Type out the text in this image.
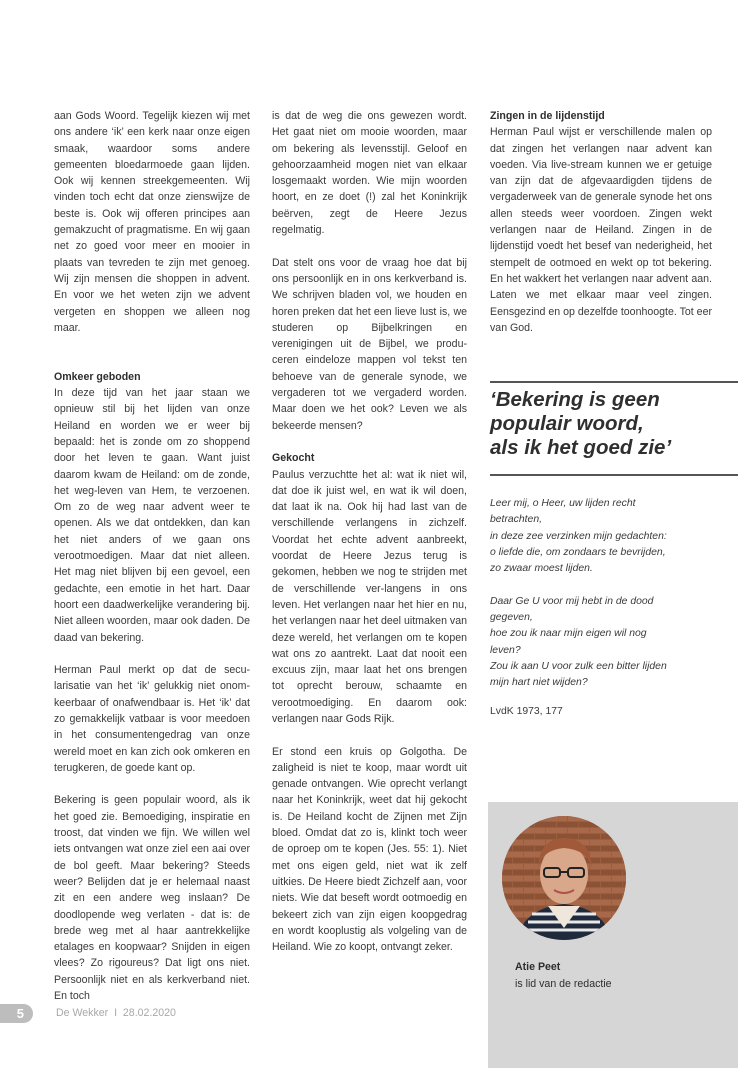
aan Gods Woord. Tegelijk kiezen wij met ons andere ‘ik’ een kerk naar onze eigen smaak, waardoor soms andere gemeenten bloedarmoede gaan lijden. Ook wij kennen streekgemeenten. Wij vinden toch echt dat onze zienswijze de beste is. Ook wij offeren principes aan gemakzucht of pragmatisme. En wij gaan net zo goed voor meer en mooier in plaats van tevreden te zijn met genoeg. Wij zijn mensen die shoppen in advent. En voor we het weten zijn we advent vergeten en shoppen we alleen nog maar.

Omkeer geboden

In deze tijd van het jaar staan we opnieuw stil bij het lijden van onze Heiland en worden we er weer bij bepaald: het is zonde om zo shoppend door het leven te gaan. Want juist daarom kwam de Heiland: om de zonde, het weg-leven van Hem, te verzoenen. Om zo de weg naar advent weer te openen. Als we dat ontdekken, dan kan het niet anders of we gaan ons verootmoedigen. Maar dat niet alleen. Het mag niet blijven bij een gevoel, een gedachte, een emotie in het hart. Daar hoort een daadwerkelijke verandering bij. Niet alleen woorden, maar ook daden. De daad van bekering.

Herman Paul merkt op dat de secu-larisatie van het ‘ik’ gelukkig niet onom-keerbaar of onafwendbaar is. Het ‘ik’ dat zo gemakkelijk vatbaar is voor meedoen in het consumentengedrag van onze wereld moet en kan zich ook omkeren en terugkeren, de goede kant op.

Bekering is geen populair woord, als ik het goed zie. Bemoediging, inspiratie en troost, dat vinden we fijn. We willen wel iets ontvangen wat onze ziel een aai over de bol geeft. Maar bekering? Steeds weer? Belijden dat je er helemaal naast zit en een andere weg inslaan? De doodlopende weg verlaten - dat is: de brede weg met al haar aantrekkelijke etalages en koopwaar? Snijden in eigen vlees? Zo rigoureus? Dat ligt ons niet. Persoonlijk niet en als kerkverband niet. En toch

is dat de weg die ons gewezen wordt. Het gaat niet om mooie woorden, maar om bekering als levensstijl. Geloof en gehoorzaamheid mogen niet van elkaar losgemaakt worden. Wie mijn woorden hoort, en ze doet (!) zal het Koninkrijk beërven, zegt de Heere Jezus regelmatig.

Dat stelt ons voor de vraag hoe dat bij ons persoonlijk en in ons kerkverband is. We schrijven bladen vol, we houden en horen preken dat het een lieve lust is, we studeren op Bijbelkringen en verenigingen uit de Bijbel, we produ-ceren eindeloze mappen vol tekst ten behoeve van de generale synode, we vergaderen tot we vergaderd worden. Maar doen we het ook? Leven we als bekeerde mensen?

Gekocht

Paulus verzuchtte het al: wat ik niet wil, dat doe ik juist wel, en wat ik wil doen, dat laat ik na. Ook hij had last van de verschillende verlangens in zichzelf. Voordat het echte advent aanbreekt, voordat de Heere Jezus terug is gekomen, hebben we nog te strijden met de verschillende ver-langens in ons leven. Het verlangen naar het hier en nu, het verlangen naar het deel uitmaken van deze wereld, het verlangen om te kopen wat ons zo aantrekt. Laat dat nooit een excuus zijn, maar laat het ons brengen tot oprecht berouw, schaamte en verootmoediging. En daarom ook: verlangen naar Gods Rijk.

Er stond een kruis op Golgotha. De zaligheid is niet te koop, maar wordt uit genade ontvangen. Wie oprecht verlangt naar het Koninkrijk, weet dat hij gekocht is. De Heiland kocht de Zijnen met Zijn bloed. Omdat dat zo is, klinkt toch weer de oproep om te kopen (Jes. 55: 1). Niet met ons eigen geld, niet wat ik zelf uitkies. De Heere biedt Zichzelf aan, voor niets. Wie dat beseft wordt ootmoedig en bekeert zich van zijn eigen koopgedrag en wordt kooplustig als volgeling van de Heiland. Wie zo koopt, ontvangt zeker.

Zingen in de lijdenstijd

Herman Paul wijst er verschillende malen op dat zingen het verlangen naar advent kan voeden. Via live-stream kunnen we er getuige van zijn dat de afgevaardigden tijdens de vergaderweek van de generale synode het ons allen steeds weer voordoen. Zingen wekt verlangen naar de Heiland. Zingen in de lijdenstijd voedt het besef van nederigheid, het stempelt de ootmoed en wekt op tot bekering. En het wakkert het verlangen naar advent aan. Laten we met elkaar maar veel zingen. Eensgezind en op dezelfde toonhoogte. Tot eer van God.

‘Bekering is geen
populair woord,
als ik het goed zie’
Leer mij, o Heer, uw lijden recht
betrachten,
in deze zee verzinken mijn gedachten:
o liefde die, om zondaars te bevrijden,
zo zwaar moest lijden.
Daar Ge U voor mij hebt in de dood
gegeven,
hoe zou ik naar mijn eigen wil nog
leven?
Zou ik aan U voor zulk een bitter lijden
mijn hart niet wijden?
LvdK 1973, 177
Atie Peet
is lid van de redactie
5	De Wekker  I  28.02.2020
